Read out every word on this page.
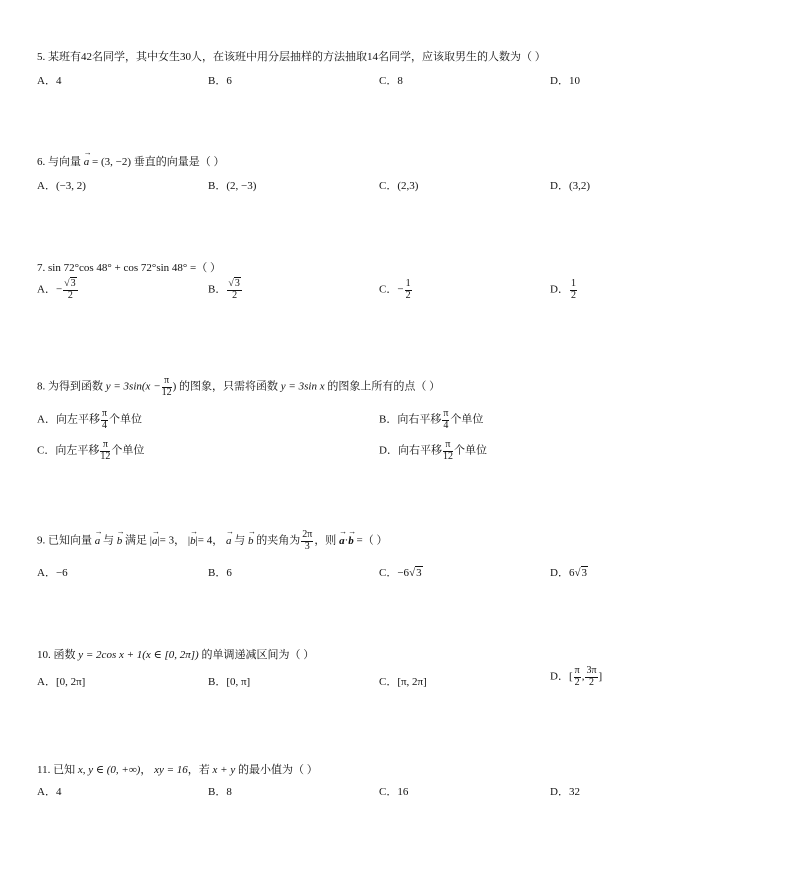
5. 某班有42名同学，其中女生30人，在该班中用分层抽样的方法抽取14名同学，应该取男生的人数为（ ）
A．4	B．6	C．8	D．10
6. 与向量 → a = (3, −2) 垂直的向量是（ ）
A．(−3, 2)	B．(2, −3)	C．(2,3)	D．(3,2)
7. sin 72°cos 48° + cos 72°sin 48° =（ ）
A．− $\frac{√3}{2}$	B． $\frac{√3}{2}$	C．− $\frac{1}{2}$	D． $\frac{1}{2}$
8. 为得到函数 $y = 3\sin(x - \frac{\pi}{12}$ ) 的图象，只需将函数 y = 3sin x 的图象上所有的点（ ）
A．向左平移 $\frac{\pi}{4}$ 个单位	B．向右平移 $\frac{\pi}{4}$ 个单位
C．向左平移 $\frac{\pi}{12}$ 个单位	D．向右平移 $\frac{\pi}{12}$ 个单位
9. 已知向量 → a 与 → b 满足 |→ a|= 3， |→ b|= 4， → a 与 → b 的夹角为 $\frac{2\pi}{3}$ ，则 → a·→ b =（ ）
A．−6	B．6	C．−6√3	D．6√3
10. 函数 y = 2cos x + 1(x ∈ [0, 2π]) 的单调递减区间为（ ）
A．[0, 2π]	B．[0, π]	C．[π, 2π]	D．[ $\frac{\pi}{2}$ , $\frac{3\pi}{2}$ ]
11. 已知 x, y ∈ (0, +∞)， xy = 16，若 x + y 的最小值为（ ）
A．4	B．8	C．16	D．32
